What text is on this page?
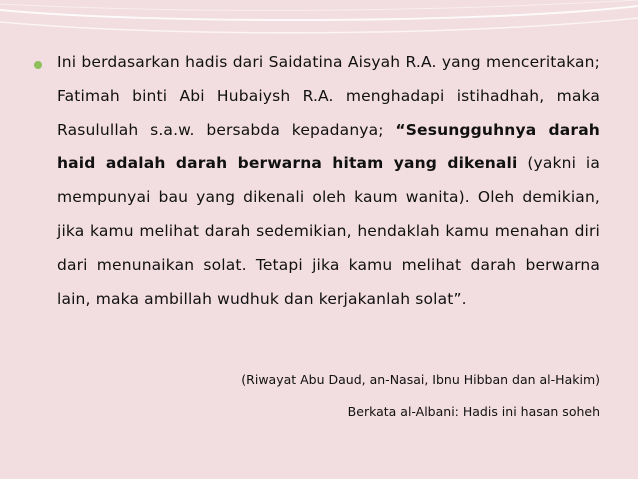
Ini berdasarkan hadis dari Saidatina Aisyah R.A. yang menceritakan; Fatimah binti Abi Hubaiysh R.A. menghadapi istihadhah, maka Rasulullah s.a.w. bersabda kepadanya; “Sesungguhnya darah haid adalah darah berwarna hitam yang dikenali (yakni ia mempunyai bau yang dikenali oleh kaum wanita). Oleh demikian, jika kamu melihat darah sedemikian, hendaklah kamu menahan diri dari menunaikan solat. Tetapi jika kamu melihat darah berwarna lain, maka ambillah wudhuk dan kerjakanlah solat”.

(Riwayat Abu Daud, an-Nasai, Ibnu Hibban dan al-Hakim)
Berkata al-Albani: Hadis ini hasan soheh
